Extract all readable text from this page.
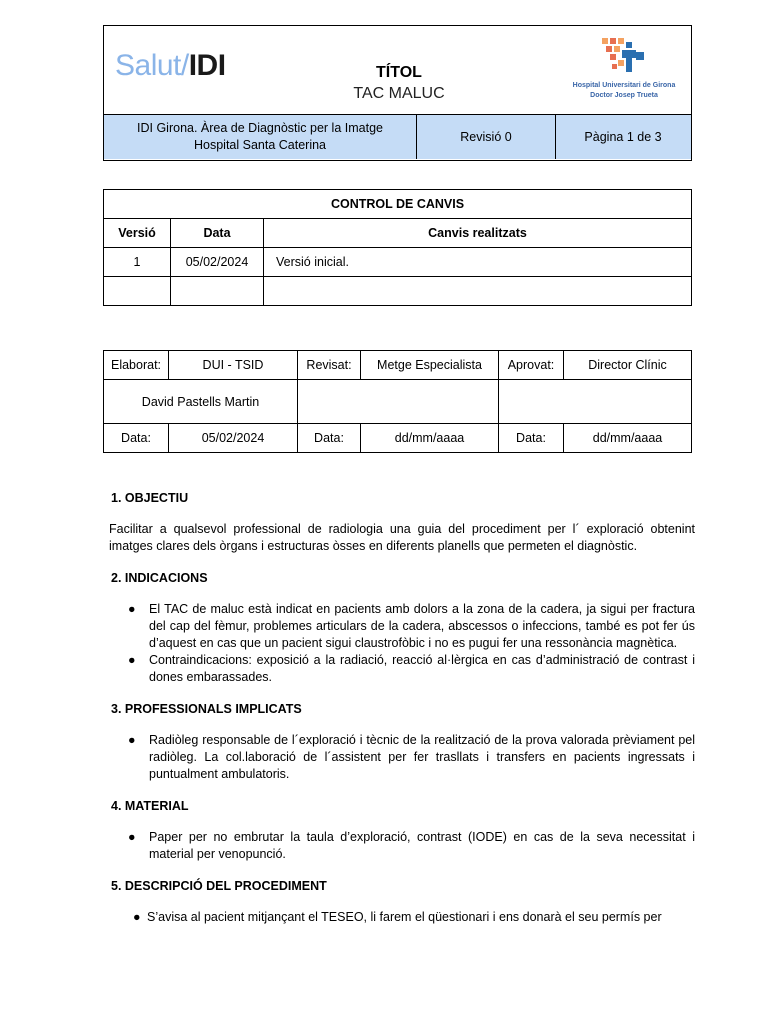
Salut/IDI	TÍTOL
TAC MALUC	Hospital Universitari de Girona
Doctor Josep Trueta
IDI Girona. Àrea de Diagnòstic per la Imatge
Hospital Santa Caterina
Revisió 0	Pàgina 1 de 3
CONTROL DE CANVIS		
Versió	Data	Canvis realitzats
1	05/02/2024	Versió inicial.

Elaborat:	DUI - TSID	Revisat:	Metge Especialista	Aprovat:	Director Clínic
David Pastells Martin					
Data:	05/02/2024	Data:	dd/mm/aaaa	Data:	dd/mm/aaaa
1. OBJECTIU
Facilitar a qualsevol professional de radiologia una guia del procediment per l´ exploració obtenint imatges clares dels òrgans i estructuras òsses en diferents planells que permeten el diagnòstic.
2. INDICACIONS
● El TAC de maluc està indicat en pacients amb dolors a la zona de la cadera, ja sigui per fractura del cap del fèmur, problemes articulars de la cadera, abscessos o infeccions, també es pot fer ús d’aquest en cas que un pacient sigui claustrofòbic i no es pugui fer una ressonància magnètica.
● Contraindicacions: exposició a la radiació, reacció al·lèrgica en cas d’administració de contrast i dones embarassades.
3. PROFESSIONALS IMPLICATS
● Radiòleg responsable de l´exploració i tècnic de la realització de la prova valorada prèviament pel radiòleg. La col.laboració de l´assistent per fer trasllats i transfers en pacients ingressats i puntualment ambulatoris.
4. MATERIAL
● Paper per no embrutar la taula d’exploració, contrast (IODE) en cas de la seva necessitat i material per venopunció.
5. DESCRIPCIÓ DEL PROCEDIMENT
● S’avisa al pacient mitjançant el TESEO, li farem el qüestionari i ens donarà el seu permís per
